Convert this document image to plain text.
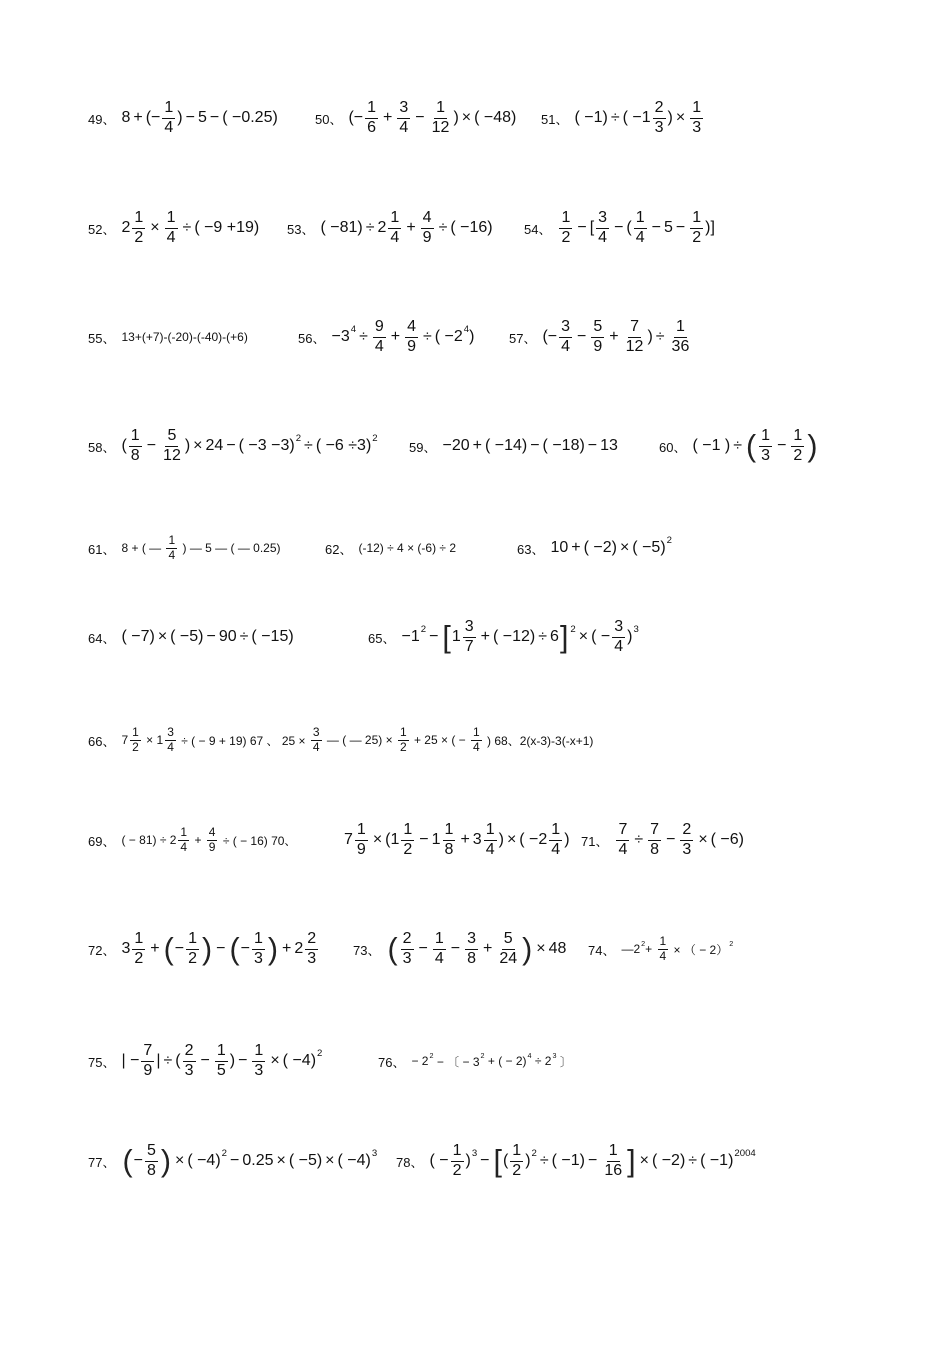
49、 8 + ( − $\frac{1}{4}$ ) − 5 − ( −0.25)	50、 ( − $\frac{1}{6} + \frac{3}{4} - \frac{1}{12}$ ) × ( −48) 51、 ( −1) ÷ ( $-1 \frac{2}{3}$ ) × $\frac{1}{3}$
52、 $2 \frac{1}{2} \times \frac{1}{4}$ ÷ ( −9 +19) 53、 ( $-81) \div 2 \frac{1}{4} + \frac{4}{9}$ ÷ ( −16) 54、 $\frac{1}{2}$ − [ $\frac{3}{4}$ − ( $\frac{1}{4} - 5 - \frac{1}{2}$ )]
55、 13+(+7)-(-20)-(-40)-(+6)	56、 −3 $4 \div \frac{9}{4} + \frac{4}{9}$ ÷ ( −2 4 )	57、 ( − $\frac{3}{4} - \frac{5}{9} + \frac{7}{12}$ ) ÷ $\frac{1}{36}$
58、 ( $\frac{1}{8} - \frac{5}{12}$ ) × 24 − ( −3 −3) 2 ÷ ( −6 ÷3) 2
59、 −20 + ( −14) − ( −18) − 13	60、 ( −1 ) ÷ ( $\frac{1}{3} - \frac{1}{2}$ )
61、 8 + ( — $\frac{1}{4}$ ) — 5 — ( — 0.25)	62、 (-12) ÷ 4 × (-6) ÷ 2	63、 10 + ( −2) × ( −5) 2
64、 ( −7) × ( −5) − 90 ÷ ( −15)	65、 −1 2 − [ $1 \frac{3}{7}$ + ( −12) ÷ 6 ] 2 × ( − $\frac{3}{4}$ ) 3
66、 $7 \frac{1}{2} \times 1 \frac{3}{4}$ ÷ ( − 9 + 19) 67 、 $25 \times \frac{3}{4}$ — ( — $25) \times \frac{1}{2} + 25$ × ( − $\frac{1}{4}$ ) 68、2(x-3)-3(-x+1)
69、 ( − $81) \div 2 \frac{1}{4} + \frac{4}{9}$ ÷ ( − 16) 70、	$7 \frac{1}{9} \times (1 \frac{1}{2} - 1 \frac{1}{8} + 3 \frac{1}{4}$ ) × ( $-2 \frac{1}{4}$ ) 71、 $\frac{7}{4} \div \frac{7}{8} - \frac{2}{3}$ × ( −6)
72、 $3 \frac{1}{2}$ + ( − $\frac{1}{2}$ ) − ( − $\frac{1}{3}$ ) + $2 \frac{2}{3}$	73、 ( $\frac{2}{3} - \frac{1}{4} - \frac{3}{8} + \frac{5}{24}$ ) × 48 74、 —2 $2 + \frac{1}{4}$ × （ − 2） 2
75、 | − $\frac{7}{9}$ | ÷ ( $\frac{2}{3} - \frac{1}{5}$ ) − $\frac{1}{3}$ × ( −4) 2
76、 − 2 2 − 〔 − 3 2 + ( − 2) 4 ÷ 2 3 〕
77、 ( − $\frac{5}{8}$ ) × ( −4) 2 − 0.25 × ( −5) × ( −4) 3
78、 ( − $\frac{1}{2}$ ) 3 − [ ( $\frac{1}{2}$ ) 2 ÷ ( $-1) - \frac{1}{16}$ ] × ( −2) ÷ ( −1) 2004
